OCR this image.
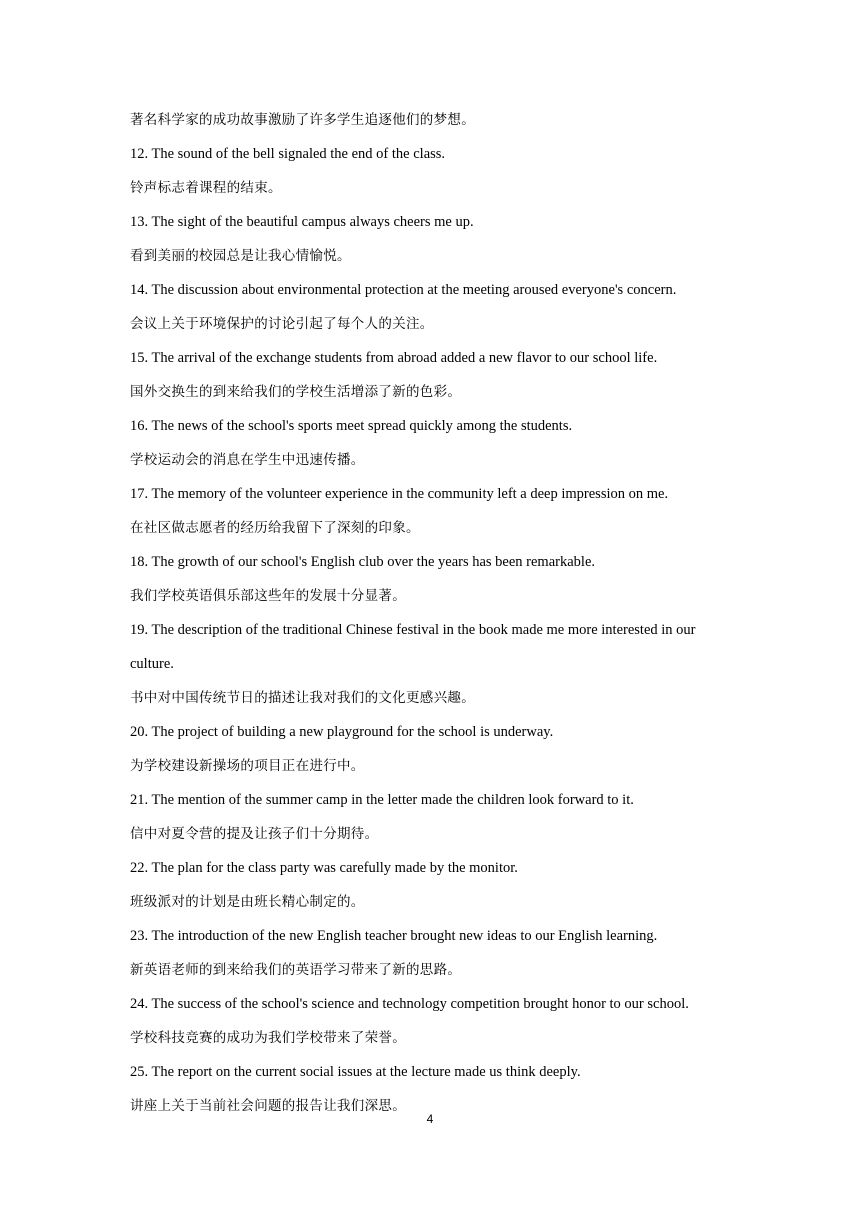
著名科学家的成功故事激励了许多学生追逐他们的梦想。
12. The sound of the bell signaled the end of the class.
铃声标志着课程的结束。
13. The sight of the beautiful campus always cheers me up.
看到美丽的校园总是让我心情愉悦。
14. The discussion about environmental protection at the meeting aroused everyone's concern.
会议上关于环境保护的讨论引起了每个人的关注。
15. The arrival of the exchange students from abroad added a new flavor to our school life.
国外交换生的到来给我们的学校生活增添了新的色彩。
16. The news of the school's sports meet spread quickly among the students.
学校运动会的消息在学生中迅速传播。
17. The memory of the volunteer experience in the community left a deep impression on me.
在社区做志愿者的经历给我留下了深刻的印象。
18. The growth of our school's English club over the years has been remarkable.
我们学校英语俱乐部这些年的发展十分显著。
19. The description of the traditional Chinese festival in the book made me more interested in our
culture.
书中对中国传统节日的描述让我对我们的文化更感兴趣。
20. The project of building a new playground for the school is underway.
为学校建设新操场的项目正在进行中。
21. The mention of the summer camp in the letter made the children look forward to it.
信中对夏令营的提及让孩子们十分期待。
22. The plan for the class party was carefully made by the monitor.
班级派对的计划是由班长精心制定的。
23. The introduction of the new English teacher brought new ideas to our English learning.
新英语老师的到来给我们的英语学习带来了新的思路。
24. The success of the school's science and technology competition brought honor to our school.
学校科技竞赛的成功为我们学校带来了荣誉。
25. The report on the current social issues at the lecture made us think deeply.
讲座上关于当前社会问题的报告让我们深思。
4
